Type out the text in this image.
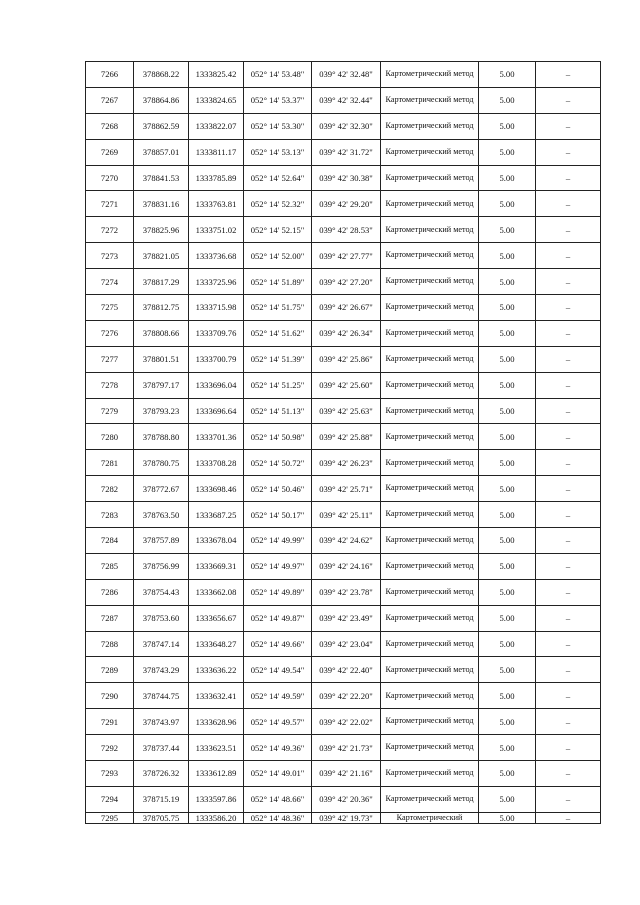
7266	378868.22	1333825.42	052° 14' 53.48"	039° 42' 32.48"	Картометрический метод	5.00	–
7267	378864.86	1333824.65	052° 14' 53.37"	039° 42' 32.44"	Картометрический метод	5.00	–
7268	378862.59	1333822.07	052° 14' 53.30"	039° 42' 32.30"	Картометрический метод	5.00	–
7269	378857.01	1333811.17	052° 14' 53.13"	039° 42' 31.72"	Картометрический метод	5.00	–
7270	378841.53	1333785.89	052° 14' 52.64"	039° 42' 30.38"	Картометрический метод	5.00	–
7271	378831.16	1333763.81	052° 14' 52.32"	039° 42' 29.20"	Картометрический метод	5.00	–
7272	378825.96	1333751.02	052° 14' 52.15"	039° 42' 28.53"	Картометрический метод	5.00	–
7273	378821.05	1333736.68	052° 14' 52.00"	039° 42' 27.77"	Картометрический метод	5.00	–
7274	378817.29	1333725.96	052° 14' 51.89"	039° 42' 27.20"	Картометрический метод	5.00	–
7275	378812.75	1333715.98	052° 14' 51.75"	039° 42' 26.67"	Картометрический метод	5.00	–
7276	378808.66	1333709.76	052° 14' 51.62"	039° 42' 26.34"	Картометрический метод	5.00	–
7277	378801.51	1333700.79	052° 14' 51.39"	039° 42' 25.86"	Картометрический метод	5.00	–
7278	378797.17	1333696.04	052° 14' 51.25"	039° 42' 25.60"	Картометрический метод	5.00	–
7279	378793.23	1333696.64	052° 14' 51.13"	039° 42' 25.63"	Картометрический метод	5.00	–
7280	378788.80	1333701.36	052° 14' 50.98"	039° 42' 25.88"	Картометрический метод	5.00	–
7281	378780.75	1333708.28	052° 14' 50.72"	039° 42' 26.23"	Картометрический метод	5.00	–
7282	378772.67	1333698.46	052° 14' 50.46"	039° 42' 25.71"	Картометрический метод	5.00	–
7283	378763.50	1333687.25	052° 14' 50.17"	039° 42' 25.11"	Картометрический метод	5.00	–
7284	378757.89	1333678.04	052° 14' 49.99"	039° 42' 24.62"	Картометрический метод	5.00	–
7285	378756.99	1333669.31	052° 14' 49.97"	039° 42' 24.16"	Картометрический метод	5.00	–
7286	378754.43	1333662.08	052° 14' 49.89"	039° 42' 23.78"	Картометрический метод	5.00	–
7287	378753.60	1333656.67	052° 14' 49.87"	039° 42' 23.49"	Картометрический метод	5.00	–
7288	378747.14	1333648.27	052° 14' 49.66"	039° 42' 23.04"	Картометрический метод	5.00	–
7289	378743.29	1333636.22	052° 14' 49.54"	039° 42' 22.40"	Картометрический метод	5.00	–
7290	378744.75	1333632.41	052° 14' 49.59"	039° 42' 22.20"	Картометрический метод	5.00	–
7291	378743.97	1333628.96	052° 14' 49.57"	039° 42' 22.02"	Картометрический метод	5.00	–
7292	378737.44	1333623.51	052° 14' 49.36"	039° 42' 21.73"	Картометрический метод	5.00	–
7293	378726.32	1333612.89	052° 14' 49.01"	039° 42' 21.16"	Картометрический метод	5.00	–
7294	378715.19	1333597.86	052° 14' 48.66"	039° 42' 20.36"	Картометрический метод	5.00	–
7295	378705.75	1333586.20	052° 14' 48.36"	039° 42' 19.73"	Картометрический	5.00	–
